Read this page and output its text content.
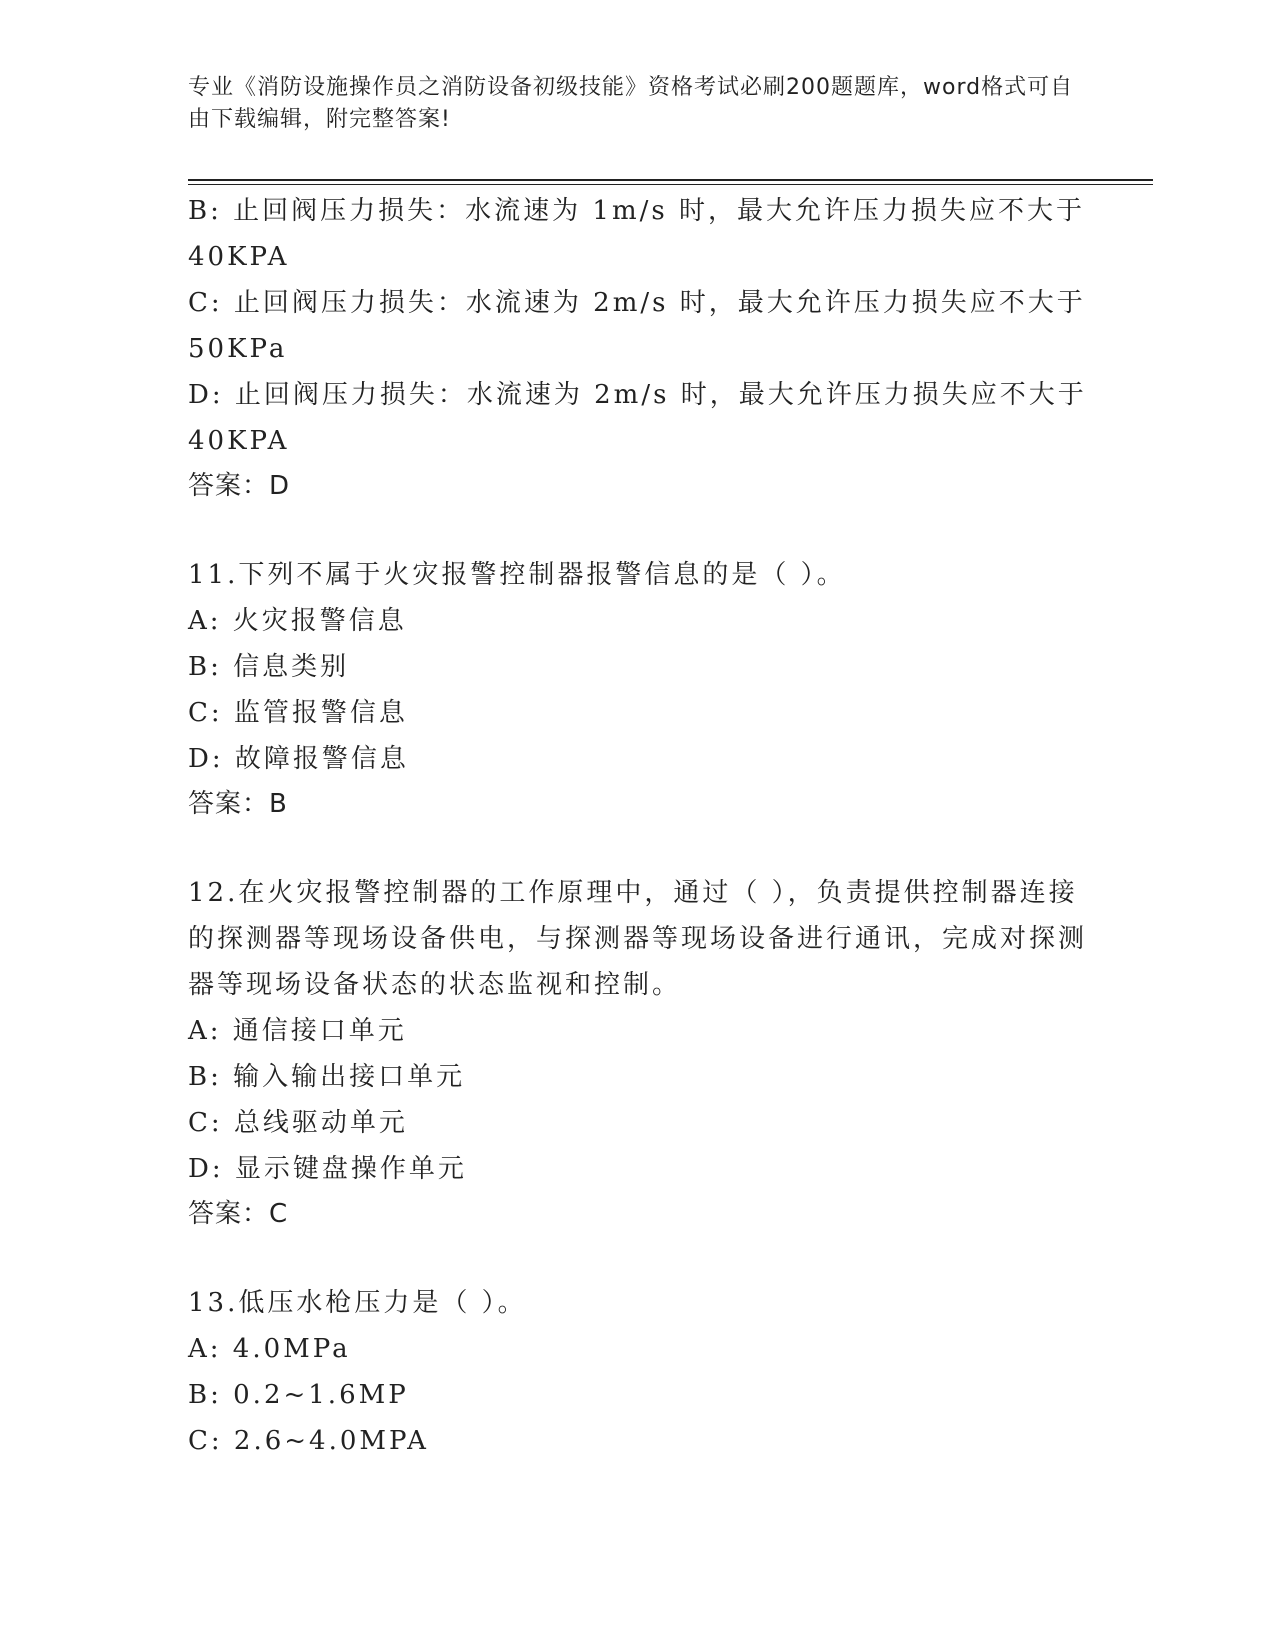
专业《消防设施操作员之消防设备初级技能》资格考试必刷200题题库，word格式可自由下载编辑，附完整答案!
B: 止回阀压力损失：水流速为 1m/s 时，最大允许压力损失应不大于
40KPA
C: 止回阀压力损失：水流速为 2m/s 时，最大允许压力损失应不大于
50KPa
D: 止回阀压力损失：水流速为 2m/s 时，最大允许压力损失应不大于
40KPA
答案：D
11.下列不属于火灾报警控制器报警信息的是（ ）。
A: 火灾报警信息
B: 信息类别
C: 监管报警信息
D: 故障报警信息
答案：B
12.在火灾报警控制器的工作原理中，通过（ ），负责提供控制器连接的探测器等现场设备供电，与探测器等现场设备进行通讯，完成对探测器等现场设备状态的状态监视和控制。
A: 通信接口单元
B: 输入输出接口单元
C: 总线驱动单元
D: 显示键盘操作单元
答案：C
13.低压水枪压力是（ ）。
A: 4.0MPa
B: 0.2~1.6MP
C: 2.6~4.0MPA
